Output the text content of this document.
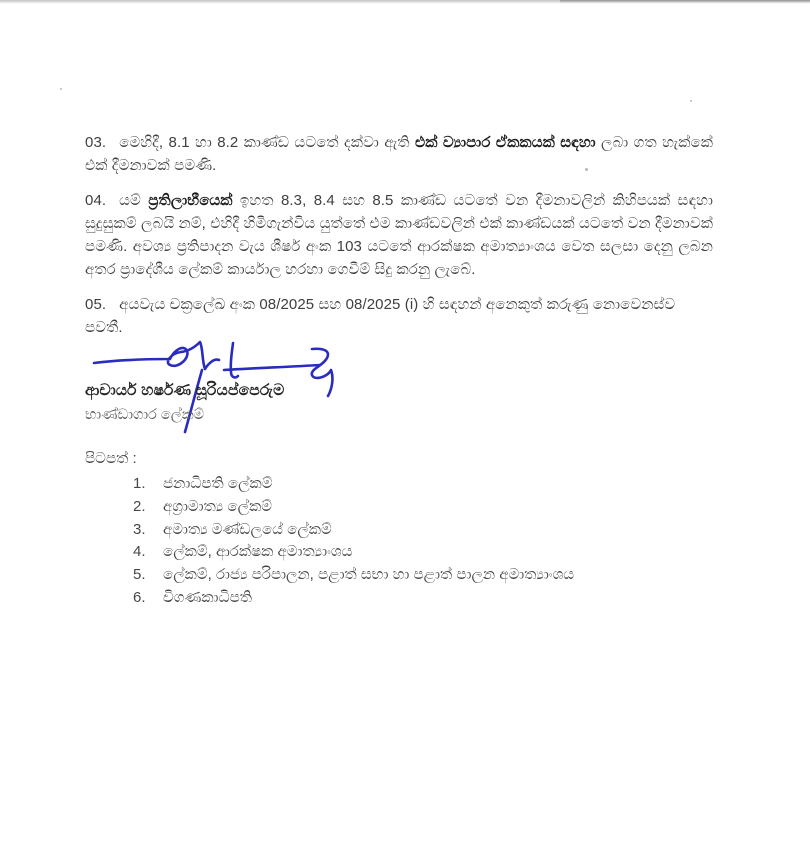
03. මෙහිදී, 8.1 හා 8.2 කාණ්ඩ යටතේ දක්වා ඇති එක් ව්‍යාපාර ඒකකයක් සඳහා ලබා ගත හැක්කේ එක් දීමනාවක් පමණි.
04. යම් ප්‍රතිලාභීයෙක් ඉහත 8.3, 8.4 සහ 8.5 කාණ්ඩ යටතේ වන දීමනාවලින් කිහිපයක් සඳහා සුදුසුකම් ලබයි නම්, එහිදී හිමිගැන්විය යුත්තේ එම කාණ්ඩවලින් එක් කාණ්ඩයක් යටතේ වන දීමනාවක් පමණි. අවශ්‍ය ප්‍රතිපාදන වැය ශීර්ෂ අංක 103 යටතේ ආරක්ෂක අමාත්‍යාංශය වෙත සලසා දෙනු ලබන අතර ප්‍රාදේශීය ලේකම් කාර්යාල හරහා ගෙවීම් සිදු කරනු ලැබේ.
05. අයවැය චක්‍රලේඛ අංක 08/2025 සහ 08/2025 (i) හි සඳහන් අනෙකුත් කරුණු නොවෙනස්ව පවතී.
ආචාර්ය හර්ෂණ සූරියප්පෙරුම
භාණ්ඩාගාර ලේකම්
පිටපත් :
1.	ජනාධිපති ලේකම්
2.	අග්‍රාමාත්‍ය ලේකම්
3.	අමාත්‍ය මණ්ඩලයේ ලේකම්
4.	ලේකම්, ආරක්ෂක අමාත්‍යාංශය
5.	ලේකම්, රාජ්‍ය පරිපාලන, පළාත් සභා හා පළාත් පාලන අමාත්‍යාංශය
6.	විගණකාධිපති
